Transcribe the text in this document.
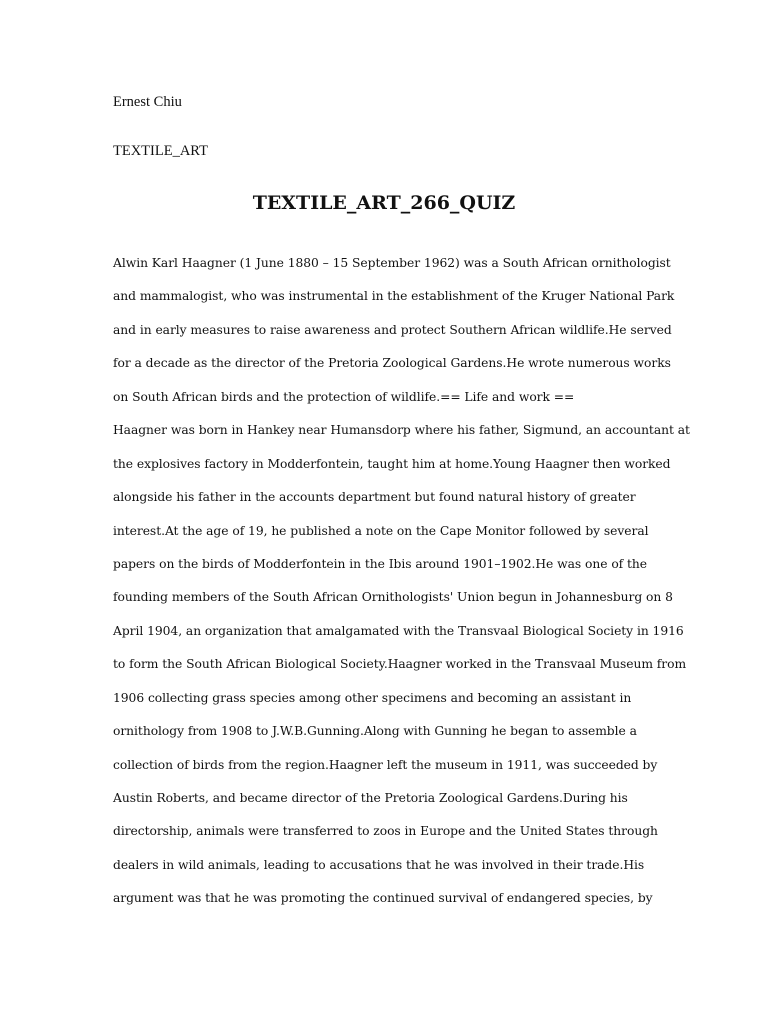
Ernest Chiu
TEXTILE_ART
TEXTILE_ART_266_QUIZ
Alwin Karl Haagner (1 June 1880 – 15 September 1962) was a South African ornithologist
and mammalogist, who was instrumental in the establishment of the Kruger National Park
and in early measures to raise awareness and protect Southern African wildlife.He served
for a decade as the director of the Pretoria Zoological Gardens.He wrote numerous works
on South African birds and the protection of wildlife.== Life and work ==
Haagner was born in Hankey near Humansdorp where his father, Sigmund, an accountant at
the explosives factory in Modderfontein, taught him at home.Young Haagner then worked
alongside his father in the accounts department but found natural history of greater
interest.At the age of 19, he published a note on the Cape Monitor followed by several
papers on the birds of Modderfontein in the Ibis around 1901–1902.He was one of the
founding members of the South African Ornithologists' Union begun in Johannesburg on 8
April 1904, an organization that amalgamated with the Transvaal Biological Society in 1916
to form the South African Biological Society.Haagner worked in the Transvaal Museum from
1906 collecting grass species among other specimens and becoming an assistant in
ornithology from 1908 to J.W.B.Gunning.Along with Gunning he began to assemble a
collection of birds from the region.Haagner left the museum in 1911, was succeeded by
Austin Roberts, and became director of the Pretoria Zoological Gardens.During his
directorship, animals were transferred to zoos in Europe and the United States through
dealers in wild animals, leading to accusations that he was involved in their trade.His
argument was that he was promoting the continued survival of endangered species, by
